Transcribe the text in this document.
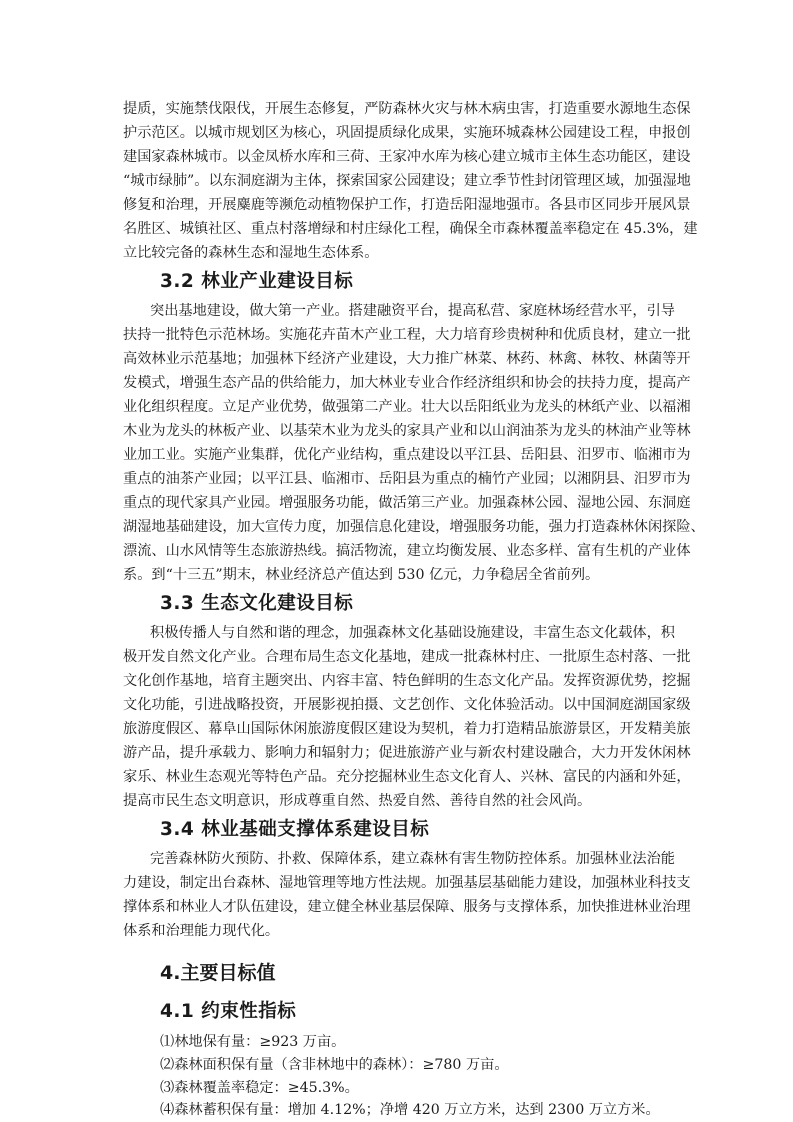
提质，实施禁伐限伐，开展生态修复，严防森林火灾与林木病虫害，打造重要水源地生态保
护示范区。以城市规划区为核心，巩固提质绿化成果，实施环城森林公园建设工程，申报创
建国家森林城市。以金凤桥水库和三荷、王家冲水库为核心建立城市主体生态功能区，建设
“城市绿肺”。以东洞庭湖为主体，探索国家公园建设；建立季节性封闭管理区域，加强湿地
修复和治理，开展麋鹿等濒危动植物保护工作，打造岳阳湿地强市。各县市区同步开展风景
名胜区、城镇社区、重点村落增绿和村庄绿化工程，确保全市森林覆盖率稳定在 45.3%，建
立比较完备的森林生态和湿地生态体系。
3.2 林业产业建设目标
突出基地建设，做大第一产业。搭建融资平台，提高私营、家庭林场经营水平，引导
扶持一批特色示范林场。实施花卉苗木产业工程，大力培育珍贵树种和优质良材，建立一批
高效林业示范基地；加强林下经济产业建设，大力推广林菜、林药、林禽、林牧、林菌等开
发模式，增强生态产品的供给能力，加大林业专业合作经济组织和协会的扶持力度，提高产
业化组织程度。立足产业优势，做强第二产业。壮大以岳阳纸业为龙头的林纸产业、以福湘
木业为龙头的林板产业、以基荣木业为龙头的家具产业和以山润油茶为龙头的林油产业等林
业加工业。实施产业集群，优化产业结构，重点建设以平江县、岳阳县、汨罗市、临湘市为
重点的油茶产业园；以平江县、临湘市、岳阳县为重点的楠竹产业园；以湘阴县、汨罗市为
重点的现代家具产业园。增强服务功能，做活第三产业。加强森林公园、湿地公园、东洞庭
湖湿地基础建设，加大宣传力度，加强信息化建设，增强服务功能，强力打造森林休闲探险、
漂流、山水风情等生态旅游热线。搞活物流，建立均衡发展、业态多样、富有生机的产业体
系。到“十三五”期末，林业经济总产值达到 530 亿元，力争稳居全省前列。
3.3 生态文化建设目标
积极传播人与自然和谐的理念，加强森林文化基础设施建设，丰富生态文化载体，积
极开发自然文化产业。合理布局生态文化基地，建成一批森林村庄、一批原生态村落、一批
文化创作基地，培育主题突出、内容丰富、特色鲜明的生态文化产品。发挥资源优势，挖掘
文化功能，引进战略投资，开展影视拍摄、文艺创作、文化体验活动。以中国洞庭湖国家级
旅游度假区、幕阜山国际休闲旅游度假区建设为契机，着力打造精品旅游景区，开发精美旅
游产品，提升承载力、影响力和辐射力；促进旅游产业与新农村建设融合，大力开发休闲林
家乐、林业生态观光等特色产品。充分挖掘林业生态文化育人、兴林、富民的内涵和外延，
提高市民生态文明意识，形成尊重自然、热爱自然、善待自然的社会风尚。
3.4 林业基础支撑体系建设目标
完善森林防火预防、扑救、保障体系，建立森林有害生物防控体系。加强林业法治能
力建设，制定出台森林、湿地管理等地方性法规。加强基层基础能力建设，加强林业科技支
撑体系和林业人才队伍建设，建立健全林业基层保障、服务与支撑体系，加快推进林业治理
体系和治理能力现代化。
4.主要目标值
4.1 约束性指标
⑴林地保有量：≥923 万亩。
⑵森林面积保有量（含非林地中的森林）：≥780 万亩。
⑶森林覆盖率稳定：≥45.3%。
⑷森林蓄积保有量：增加 4.12%；净增 420 万立方米，达到 2300 万立方米。
